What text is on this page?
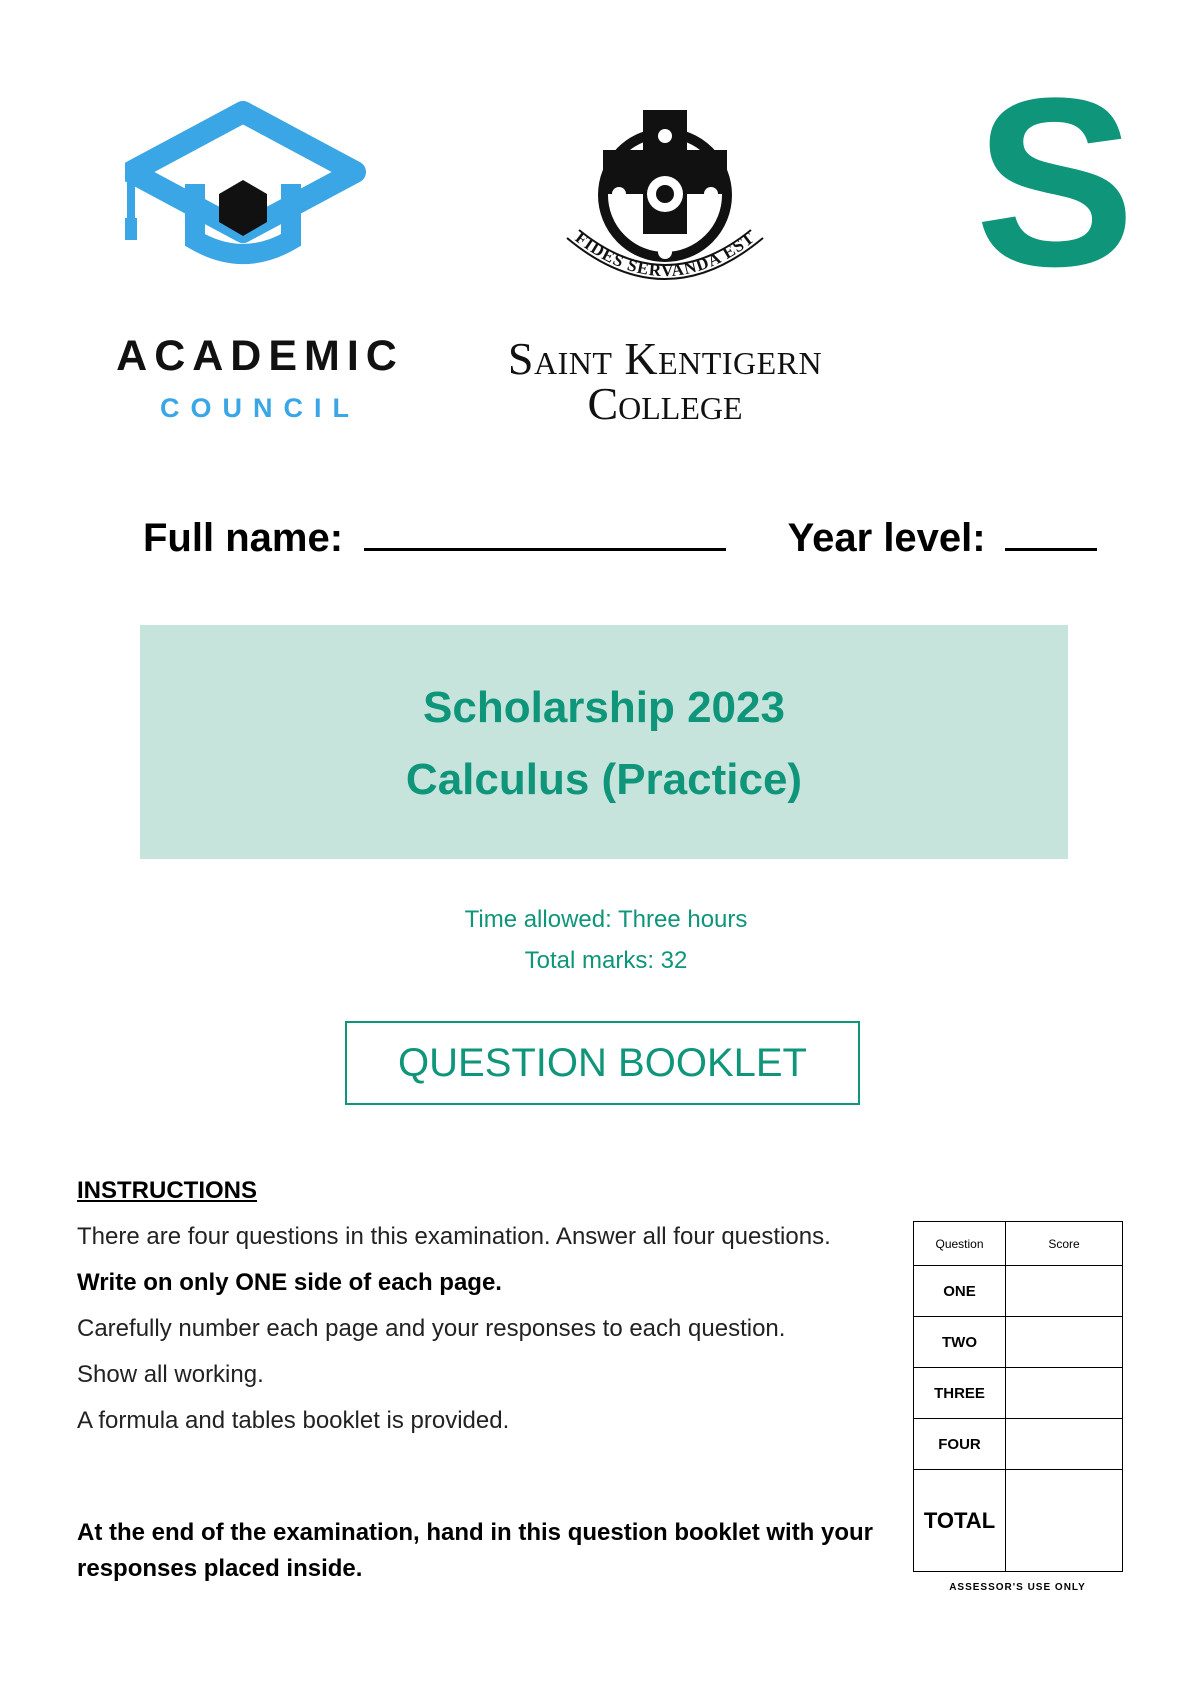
ACADEMIC
COUNCIL
FIDES SERVANDA EST
Saint Kentigern
College
S
Full name:	Year level:
Scholarship 2023
Calculus (Practice)
Time allowed: Three hours
Total marks: 32
QUESTION BOOKLET
INSTRUCTIONS
There are four questions in this examination. Answer all four questions.
Write on only ONE side of each page.
Carefully number each page and your responses to each question.
Show all working.
A formula and tables booklet is provided.
At the end of the examination, hand in this question booklet with your responses placed inside.
Question	Score
ONE	
TWO	
THREE	
FOUR	
TOTAL	
ASSESSOR'S USE ONLY
